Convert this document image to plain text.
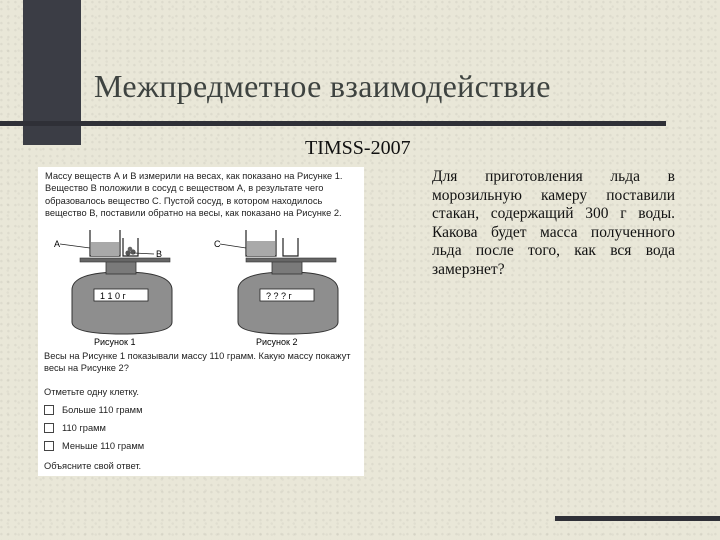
Межпредметное взаимодействие
TIMSS-2007
Массу веществ А и В измерили на весах, как показано на Рисунке 1. Вещество В положили в сосуд с веществом А, в результате чего образовалось вещество С. Пустой сосуд, в котором находилось вещество В, поставили обратно на весы, как показано на Рисунке 2.
A
B
1 1 0 г
Рисунок 1
C
? ? ? г
Рисунок 2
Весы на Рисунке 1 показывали массу 110 грамм. Какую массу покажут весы на Рисунке 2?
Отметьте одну клетку.
Больше 110 грамм
110 грамм
Меньше 110 грамм
Объясните свой ответ.
Для приготовления льда в морозильную камеру поставили стакан, содержащий 300 г воды. Какова будет масса полученного льда после того, как вся вода замерзнет?
